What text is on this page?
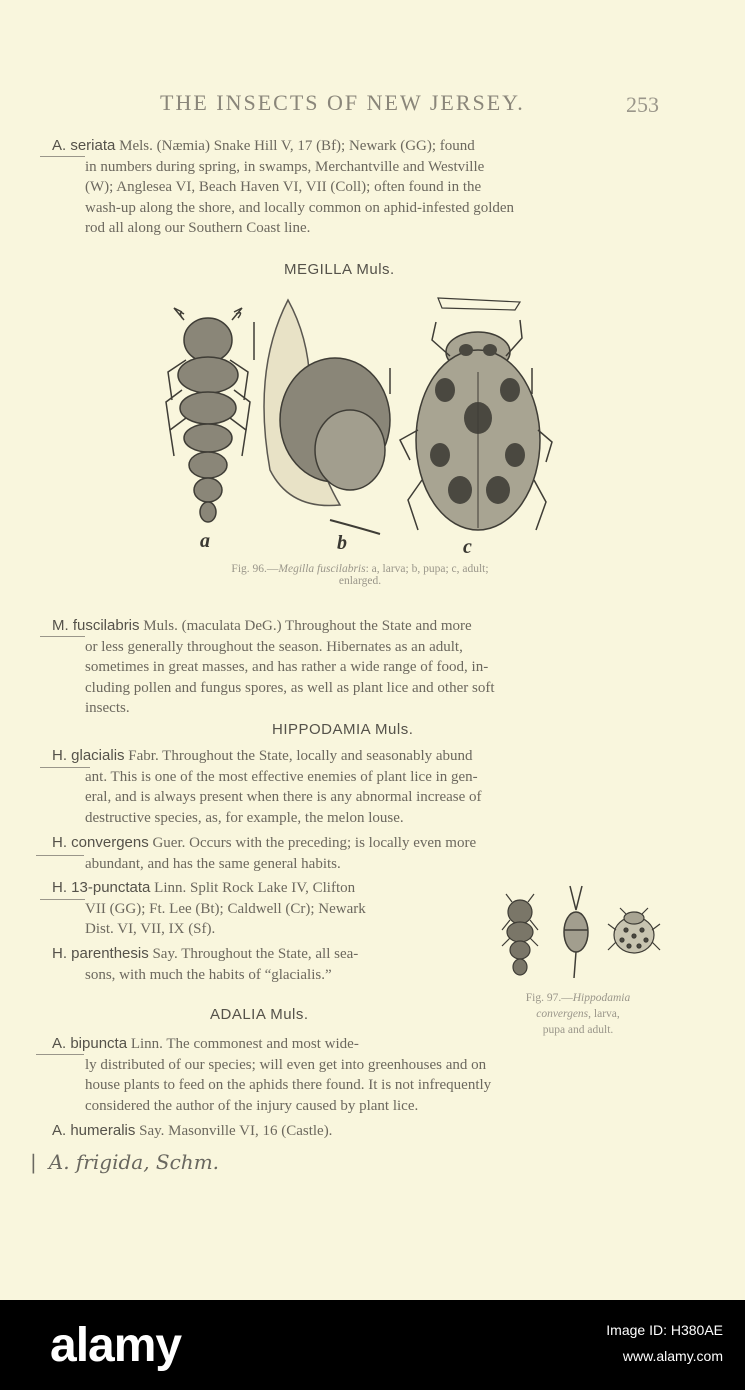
THE INSECTS OF NEW JERSEY.	253
A. seriata Mels. (Næmia) Snake Hill V, 17 (Bf); Newark (GG); found
in numbers during spring, in swamps, Merchantville and Westville
(W); Anglesea VI, Beach Haven VI, VII (Coll); often found in the
wash-up along the shore, and locally common on aphid-infested golden
rod all along our Southern Coast line.
MEGILLA Muls.
a	b	c
Fig. 96.—Megilla fuscilabris: a, larva; b, pupa; c, adult;
enlarged.
M. fuscilabris Muls. (maculata DeG.) Throughout the State and more
or less generally throughout the season. Hibernates as an adult,
sometimes in great masses, and has rather a wide range of food, in-
cluding pollen and fungus spores, as well as plant lice and other soft
insects.
HIPPODAMIA Muls.
H. glacialis Fabr. Throughout the State, locally and seasonably abund
ant. This is one of the most effective enemies of plant lice in gen-
eral, and is always present when there is any abnormal increase of
destructive species, as, for example, the melon louse.
H. convergens Guer. Occurs with the preceding; is locally even more
abundant, and has the same general habits.
H. 13-punctata Linn. Split Rock Lake IV, Clifton
VII (GG); Ft. Lee (Bt); Caldwell (Cr); Newark
Dist. VI, VII, IX (Sf).
H. parenthesis Say. Throughout the State, all sea-
sons, with much the habits of “glacialis.”
Fig. 97.—Hippodamia
convergens, larva,
pupa and adult.
ADALIA Muls.
A. bipuncta Linn. The commonest and most wide-
ly distributed of our species; will even get into greenhouses and on
house plants to feed on the aphids there found. It is not infrequently
considered the author of the injury caused by plant lice.
A. humeralis Say. Masonville VI, 16 (Castle).
| A. frigida, Schm.
alamy	Image ID: H380AE
www.alamy.com
